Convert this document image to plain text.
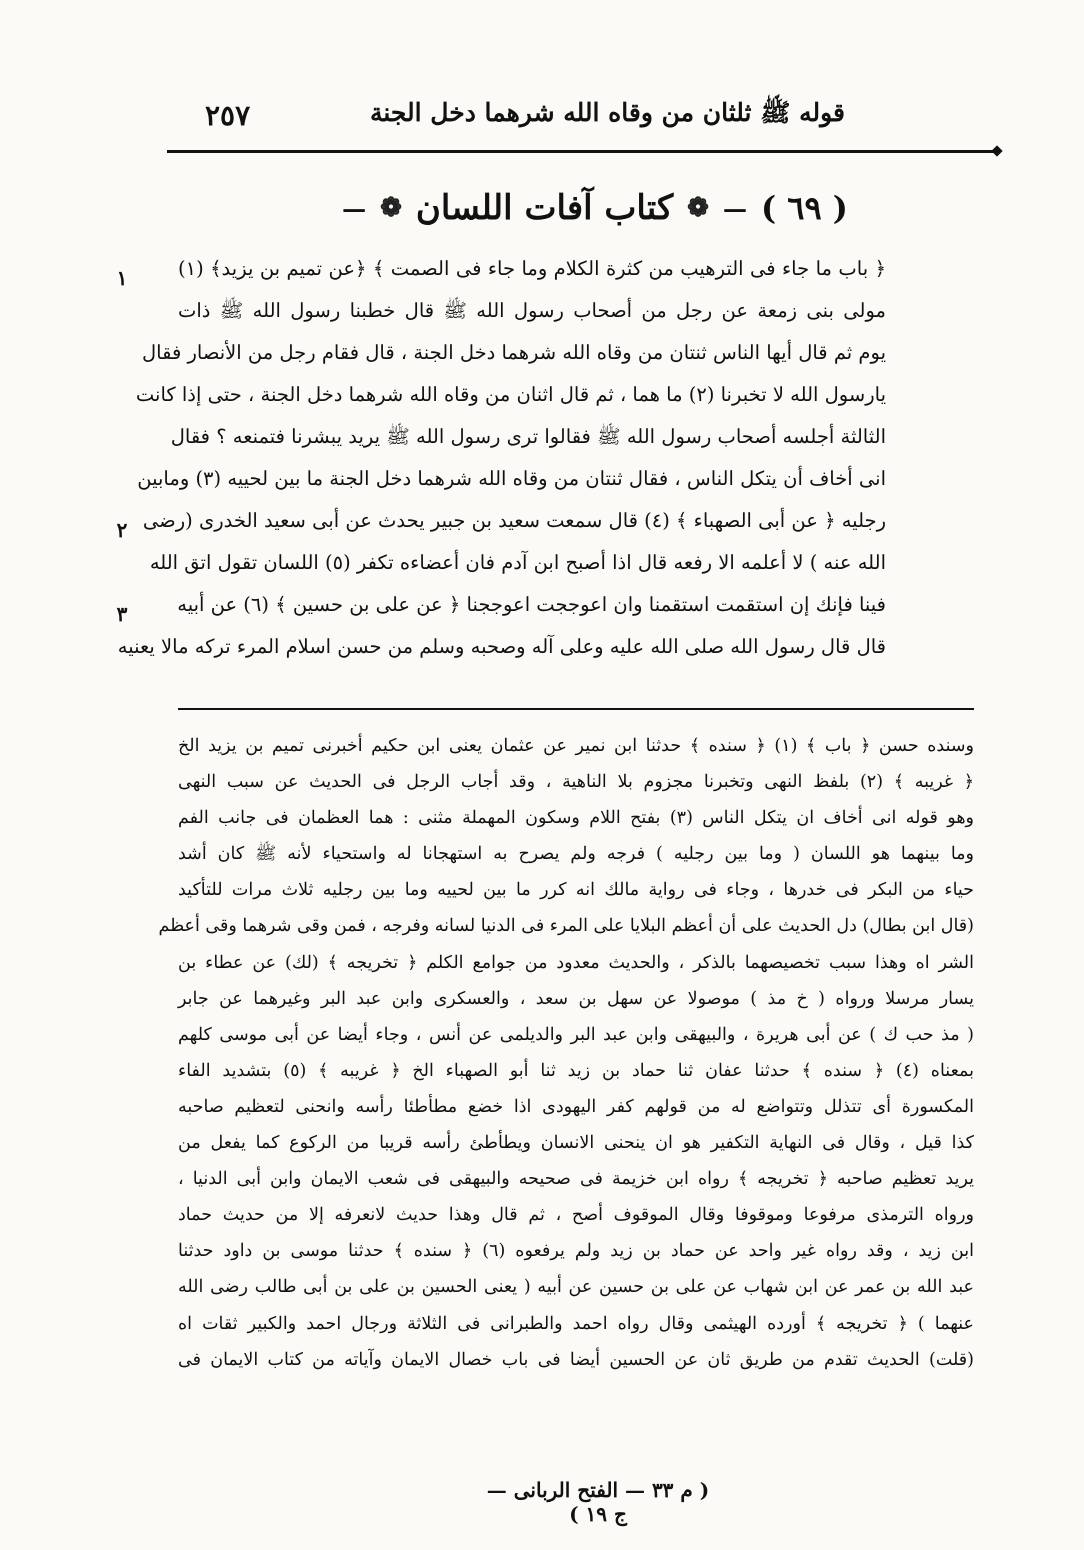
قوله ﷺ ثلثان من وقاه الله شرهما دخل الجنة
٢٥٧
( ٦٩ )
—
❁
كتاب آفات اللسان
❁
—
١
٢
٣
﴿ باب ما جاء فى الترهيب من كثرة الكلام وما جاء فى الصمت ﴾ ﴿عن تميم بن يزيد﴾ (١)
مولى بنى زمعة عن رجل من أصحاب رسول الله ﷺ قال خطبنا رسول الله ﷺ ذات
يوم ثم قال أيها الناس ثنتان من وقاه الله شرهما دخل الجنة ، قال فقام رجل من الأنصار فقال
يارسول الله لا تخبرنا (٢) ما هما ، ثم قال اثنان من وقاه الله شرهما دخل الجنة ، حتى إذا كانت
الثالثة أجلسه أصحاب رسول الله ﷺ فقالوا ترى رسول الله ﷺ يريد يبشرنا فتمنعه ؟ فقال
انى أخاف أن يتكل الناس ، فقال ثنتان من وقاه الله شرهما دخل الجنة ما بين لحييه (٣) ومابين
رجليه ﴿ عن أبى الصهباء ﴾ (٤) قال سمعت سعيد بن جبير يحدث عن أبى سعيد الخدرى (رضى
الله عنه ) لا أعلمه الا رفعه قال اذا أصبح ابن آدم فان أعضاءه تكفر (٥) اللسان تقول اتق الله
فينا فإنك إن استقمت استقمنا وان اعوججت اعوججنا ﴿ عن على بن حسين ﴾ (٦) عن أبيه
قال قال رسول الله صلى الله عليه وعلى آله وصحبه وسلم من حسن اسلام المرء تركه مالا يعنيه
وسنده حسن ﴿ باب ﴾ (١) ﴿ سنده ﴾ حدثنا ابن نمير عن عثمان يعنى ابن حكيم أخبرنى تميم بن يزيد الخ
﴿ غريبه ﴾ (٢) بلفظ النهى وتخبرنا مجزوم بلا الناهية ، وقد أجاب الرجل فى الحديث عن سبب النهى
وهو قوله انى أخاف ان يتكل الناس (٣) بفتح اللام وسكون المهملة مثنى : هما العظمان فى جانب الفم
وما بينهما هو اللسان ( وما بين رجليه ) فرجه ولم يصرح به استهجانا له واستحياء لأنه ﷺ كان أشد
حياء من البكر فى خدرها ، وجاء فى رواية مالك انه كرر ما بين لحييه وما بين رجليه ثلاث مرات للتأكيد
(قال ابن بطال) دل الحديث على أن أعظم البلايا على المرء فى الدنيا لسانه وفرجه ، فمن وقى شرهما وقى أعظم
الشر اه وهذا سبب تخصيصهما بالذكر ، والحديث معدود من جوامع الكلم ﴿ تخريجه ﴾ (لك) عن عطاء بن
يسار مرسلا ورواه ( خ مذ ) موصولا عن سهل بن سعد ، والعسكرى وابن عبد البر وغيرهما عن جابر
( مذ حب ك ) عن أبى هريرة ، والبيهقى وابن عبد البر والديلمى عن أنس ، وجاء أيضا عن أبى موسى كلهم
بمعناه (٤) ﴿ سنده ﴾ حدثنا عفان ثنا حماد بن زيد ثنا أبو الصهباء الخ ﴿ غريبه ﴾ (٥) بتشديد الفاء
المكسورة أى تتذلل وتتواضع له من قولهم كفر اليهودى اذا خضع مطأطئا رأسه وانحنى لتعظيم صاحبه
كذا قيل ، وقال فى النهاية التكفير هو ان ينحنى الانسان ويطأطئ رأسه قريبا من الركوع كما يفعل من
يريد تعظيم صاحبه ﴿ تخريجه ﴾ رواه ابن خزيمة فى صحيحه والبيهقى فى شعب الايمان وابن أبى الدنيا ،
ورواه الترمذى مرفوعا وموقوفا وقال الموقوف أصح ، ثم قال وهذا حديث لانعرفه إلا من حديث حماد
ابن زيد ، وقد رواه غير واحد عن حماد بن زيد ولم يرفعوه (٦) ﴿ سنده ﴾ حدثنا موسى بن داود حدثنا
عبد الله بن عمر عن ابن شهاب عن على بن حسين عن أبيه ( يعنى الحسين بن على بن أبى طالب رضى الله
عنهما ) ﴿ تخريجه ﴾ أورده الهيثمى وقال رواه احمد والطبرانى فى الثلاثة ورجال احمد والكبير ثقات اه
(قلت) الحديث تقدم من طريق ثان عن الحسين أيضا فى باب خصال الايمان وآياته من كتاب الايمان فى
( م ٣٣ — الفتح الربانى — ج ١٩ )
